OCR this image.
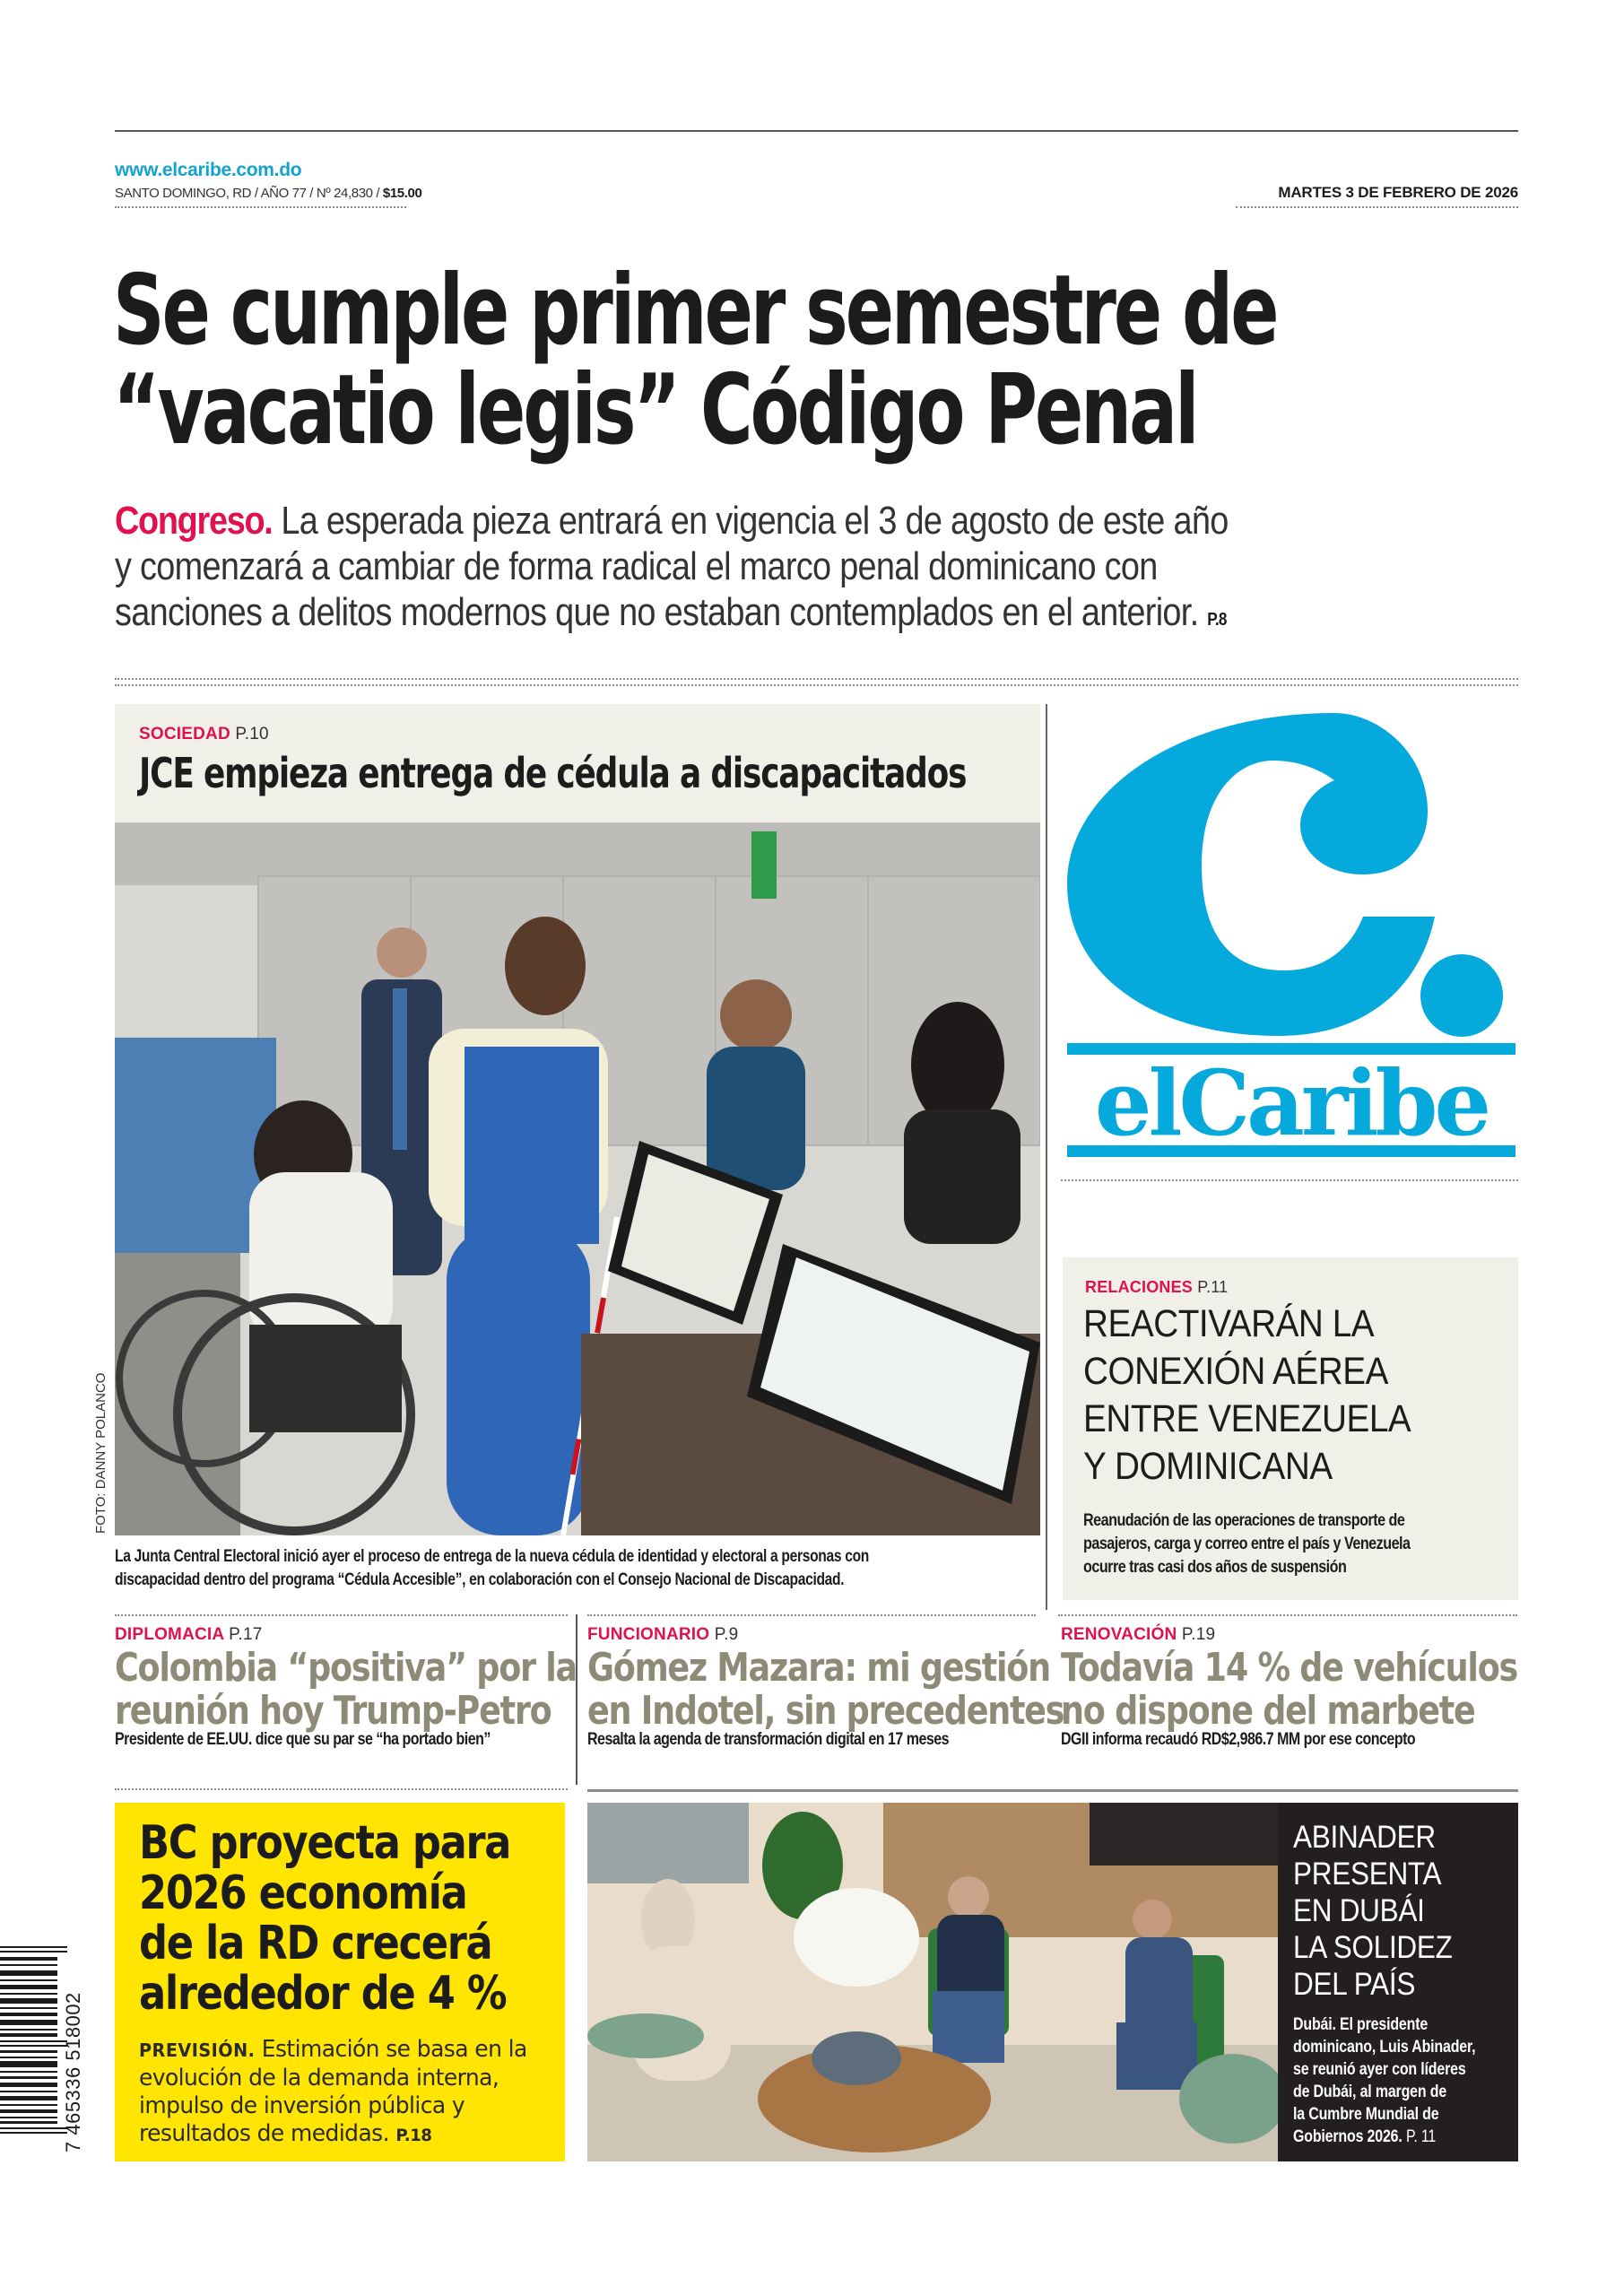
www.elcaribe.com.do
SANTO DOMINGO, RD / AÑO 77 / Nº 24,830 / $15.00	MARTES 3 DE FEBRERO DE 2026
Se cumple primer semestre de
“vacatio legis” Código Penal
Congreso. La esperada pieza entrará en vigencia el 3 de agosto de este año
y comenzará a cambiar de forma radical el marco penal dominicano con
sanciones a delitos modernos que no estaban contemplados en el anterior. P.8
SOCIEDAD P.10
JCE empieza entrega de cédula a discapacitados
FOTO: DANNY POLANCO
La Junta Central Electoral inició ayer el proceso de entrega de la nueva cédula de identidad y electoral a personas con
discapacidad dentro del programa “Cédula Accesible”, en colaboración con el Consejo Nacional de Discapacidad.
elCaribe
RELACIONES P.11
REACTIVARÁN LA
CONEXIÓN AÉREA
ENTRE VENEZUELA
Y DOMINICANA
Reanudación de las operaciones de transporte de
pasajeros, carga y correo entre el país y Venezuela
ocurre tras casi dos años de suspensión
DIPLOMACIA P.17
Colombia “positiva” por la
reunión hoy Trump-Petro
Presidente de EE.UU. dice que su par se “ha portado bien”
FUNCIONARIO P.9
Gómez Mazara: mi gestión
en Indotel, sin precedentes
Resalta la agenda de transformación digital en 17 meses
RENOVACIÓN P.19
Todavía 14 % de vehículos
no dispone del marbete
DGII informa recaudó RD$2,986.7 MM por ese concepto
BC proyecta para
2026 economía
de la RD crecerá
alrededor de 4 %
PREVISIÓN. Estimación se basa en la
evolución de la demanda interna,
impulso de inversión pública y
resultados de medidas. P.18
ABINADER
PRESENTA
EN DUBÁI
LA SOLIDEZ
DEL PAÍS
Dubái. El presidente
dominicano, Luis Abinader,
se reunió ayer con líderes
de Dubái, al margen de
la Cumbre Mundial de
Gobiernos 2026. P. 11
7 465336 518002
